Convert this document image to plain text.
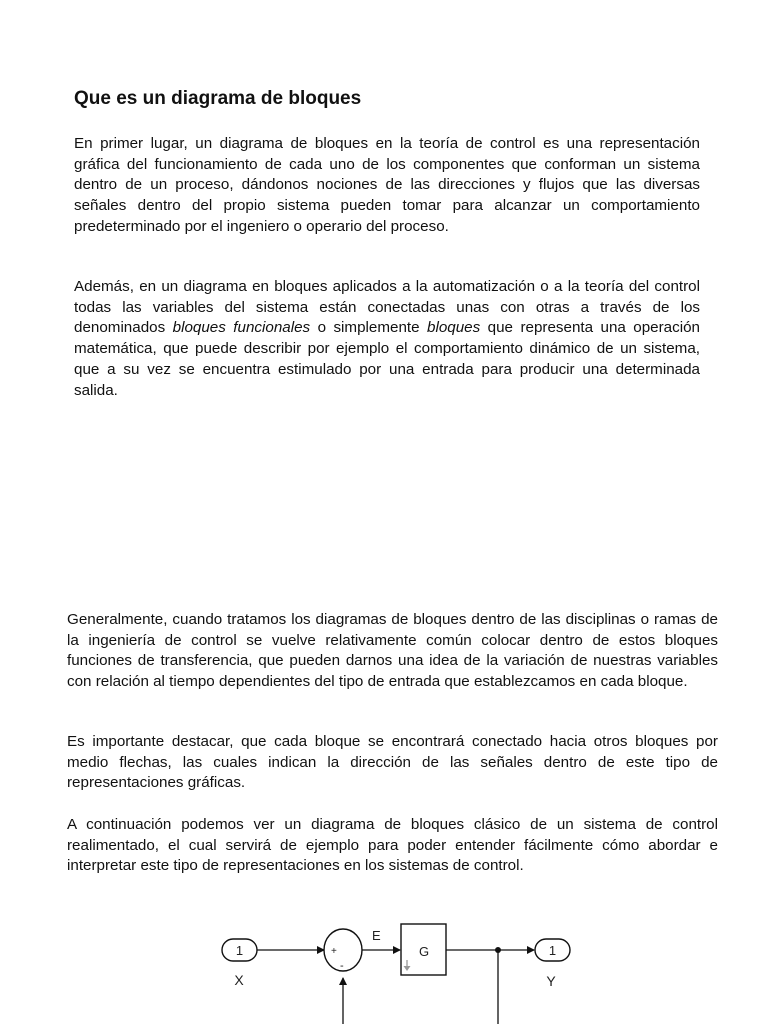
Que es un diagrama de bloques

En primer lugar, un diagrama de bloques en la teoría de control es una representación gráfica del funcionamiento de cada uno de los componentes que conforman un sistema dentro de un proceso, dándonos nociones de las direcciones y flujos que las diversas señales dentro del propio sistema pueden tomar para alcanzar un comportamiento predeterminado por el ingeniero o operario del proceso.

Además, en un diagrama en bloques aplicados a la automatización o a la teoría del control todas las variables del sistema están conectadas unas con otras a través de los denominados bloques funcionales o simplemente bloques que representa una operación matemática, que puede describir por ejemplo el comportamiento dinámico de un sistema, que a su vez se encuentra estimulado por una entrada para producir una determinada salida.

Generalmente, cuando tratamos los diagramas de bloques dentro de las disciplinas o ramas de la ingeniería de control se vuelve relativamente común colocar dentro de estos bloques funciones de transferencia, que pueden darnos una idea de la variación de nuestras variables con relación al tiempo dependientes del tipo de entrada que establezcamos en cada bloque.

Es importante destacar, que cada bloque se encontrará conectado hacia otros bloques por medio flechas, las cuales indican la dirección de las señales dentro de este tipo de representaciones gráficas.

A continuación podemos ver un diagrama de bloques clásico de un sistema de control realimentado, el cual servirá de ejemplo para poder entender fácilmente cómo abordar e interpretar este tipo de representaciones en los sistemas de control.

1
X
+
-
E
G	1
Y
